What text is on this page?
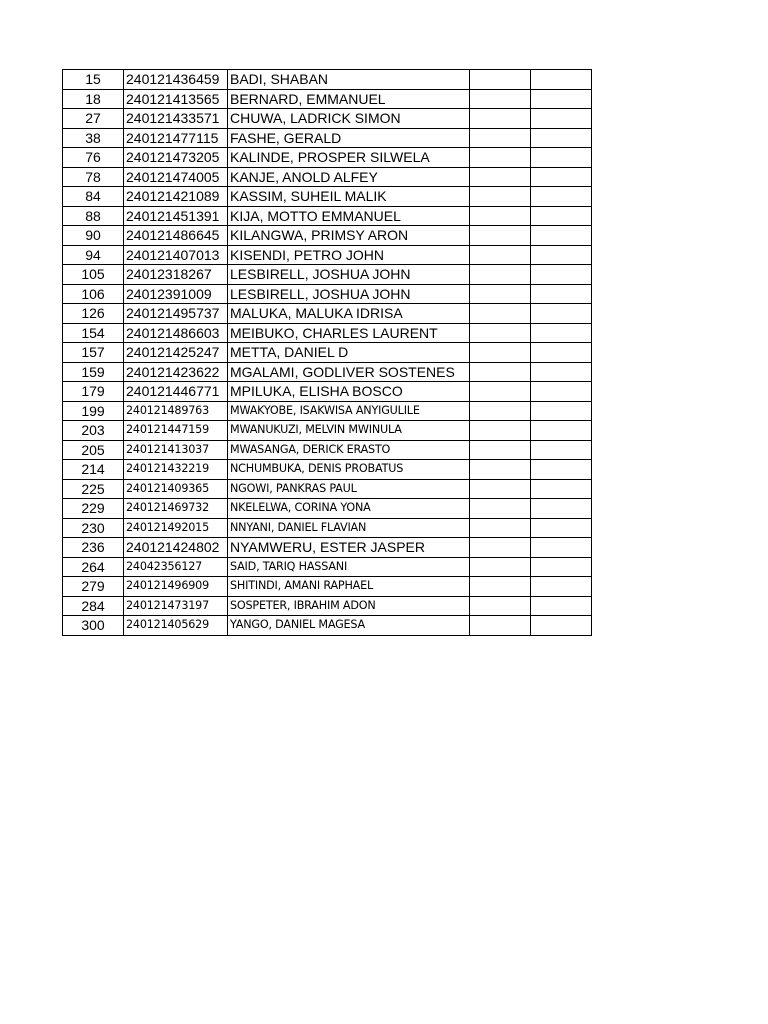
15	240121436459	BADI, SHABAN		
18	240121413565	BERNARD, EMMANUEL		
27	240121433571	CHUWA, LADRICK SIMON		
38	240121477115	FASHE, GERALD		
76	240121473205	KALINDE, PROSPER SILWELA		
78	240121474005	KANJE, ANOLD ALFEY		
84	240121421089	KASSIM, SUHEIL MALIK		
88	240121451391	KIJA, MOTTO EMMANUEL		
90	240121486645	KILANGWA, PRIMSY ARON		
94	240121407013	KISENDI, PETRO JOHN		
105	24012318267	LESBIRELL, JOSHUA JOHN		
106	24012391009	LESBIRELL, JOSHUA JOHN		
126	240121495737	MALUKA, MALUKA IDRISA		
154	240121486603	MEIBUKO, CHARLES LAURENT		
157	240121425247	METTA, DANIEL D		
159	240121423622	MGALAMI, GODLIVER SOSTENES		
179	240121446771	MPILUKA, ELISHA BOSCO		
199	240121489763	MWAKYOBE, ISAKWISA ANYIGULILE		
203	240121447159	MWANUKUZI, MELVIN MWINULA		
205	240121413037	MWASANGA, DERICK ERASTO		
214	240121432219	NCHUMBUKA, DENIS PROBATUS		
225	240121409365	NGOWI, PANKRAS PAUL		
229	240121469732	NKELELWA, CORINA YONA		
230	240121492015	NNYANI, DANIEL FLAVIAN		
236	240121424802	NYAMWERU, ESTER JASPER		
264	24042356127	SAID, TARIQ HASSANI		
279	240121496909	SHITINDI, AMANI RAPHAEL		
284	240121473197	SOSPETER, IBRAHIM ADON		
300	240121405629	YANGO, DANIEL MAGESA		
